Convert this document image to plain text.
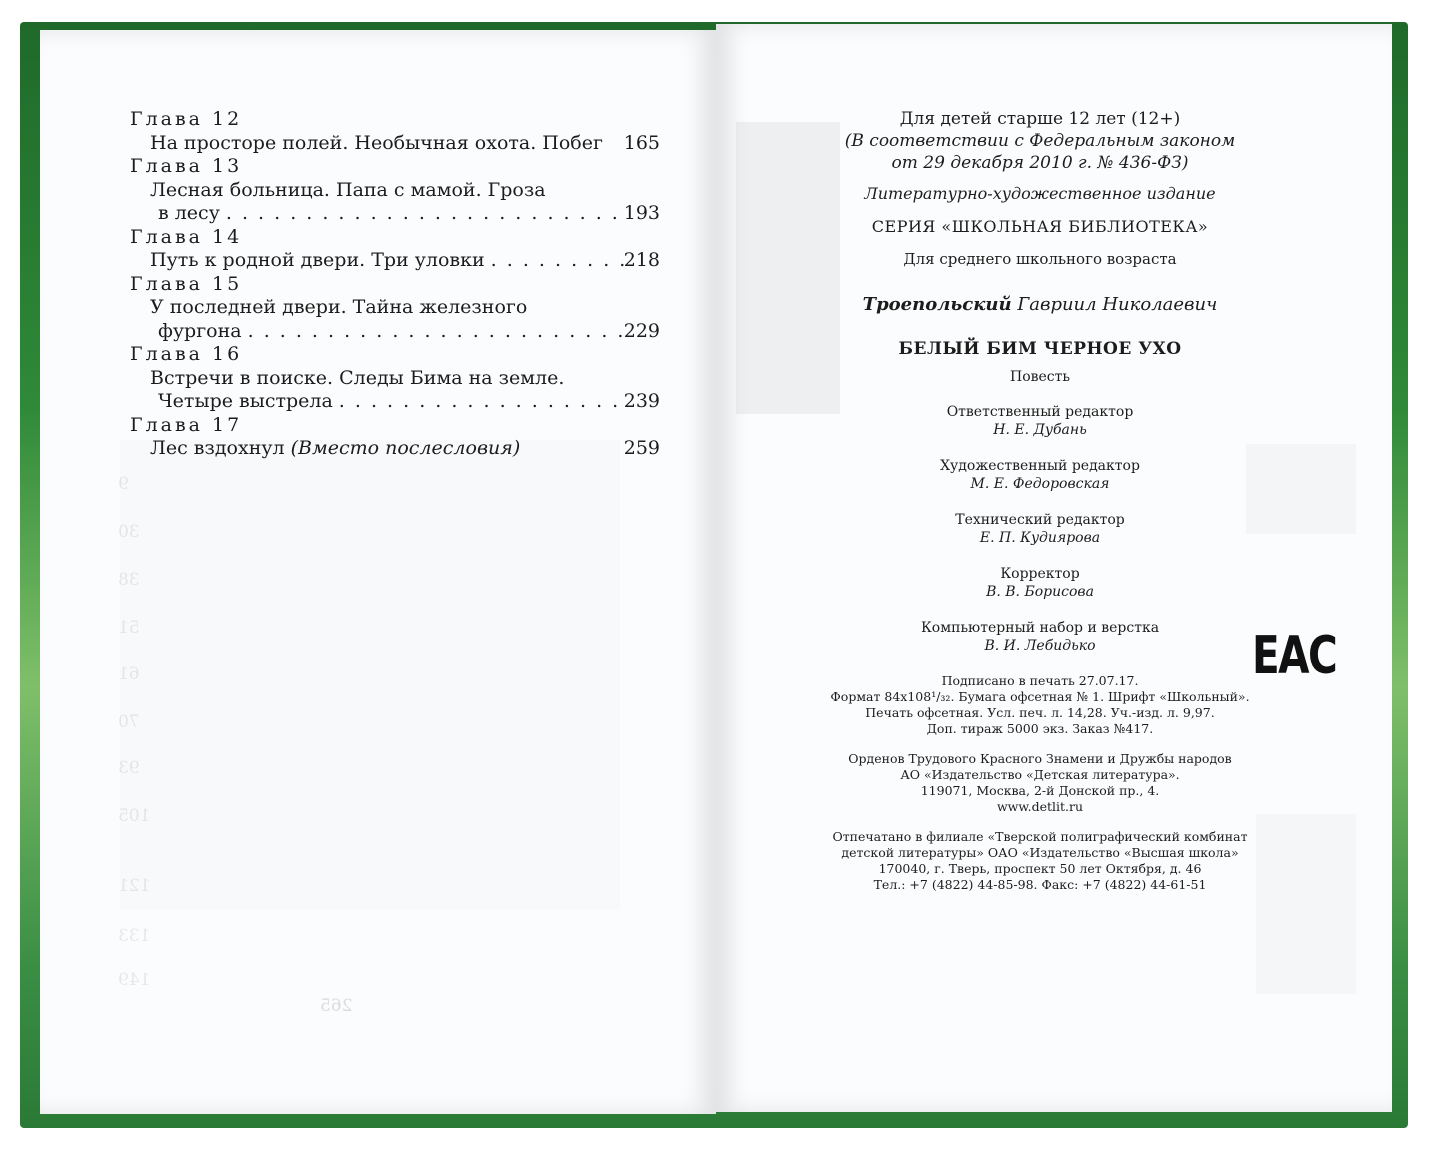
265
9
30
38
51
61
70
93
105
121
133
149
Глава 12
На просторе полей. Необычная охота. Побег 165
Глава 13
Лесная больница. Папа с мамой. Гроза
в лесу . . .	193
Глава 14
Путь к родной двери. Три уловки . . .	218
Глава 15
У последней двери. Тайна железного
фургона . . .	229
Глава 16
Встречи в поиске. Следы Бима на земле.
Четыре выстрела . . .	239
Глава 17
Лес вздохнул (Вместо послесловия)	259
Для детей старше 12 лет (12+)
(В соответствии с Федеральным законом
от 29 декабря 2010 г. № 436-ФЗ)
Литературно-художественное издание
СЕРИЯ «ШКОЛЬНАЯ БИБЛИОТЕКА»
Для среднего школьного возраста
Троепольский Гавриил Николаевич
БЕЛЫЙ БИМ ЧЕРНОЕ УХО
Повесть
Ответственный редактор
Н. Е. Дубань
Художественный редактор
М. Е. Федоровская
Технический редактор
Е. П. Кудиярова
Корректор
В. В. Борисова
Компьютерный набор и верстка
В. И. Лебидько
Подписано в печать 27.07.17.
Формат 84x108¹/₃₂. Бумага офсетная № 1. Шрифт «Школьный».
Печать офсетная. Усл. печ. л. 14,28. Уч.-изд. л. 9,97.
Доп. тираж 5000 экз. Заказ №417.
Орденов Трудового Красного Знамени и Дружбы народов
АО «Издательство «Детская литература».
119071, Москва, 2-й Донской пр., 4.
www.detlit.ru
Отпечатано в филиале «Тверской полиграфический комбинат
детской литературы» ОАО «Издательство «Высшая школа»
170040, г. Тверь, проспект 50 лет Октября, д. 46
Тел.: +7 (4822) 44-85-98. Факс: +7 (4822) 44-61-51
EAC
